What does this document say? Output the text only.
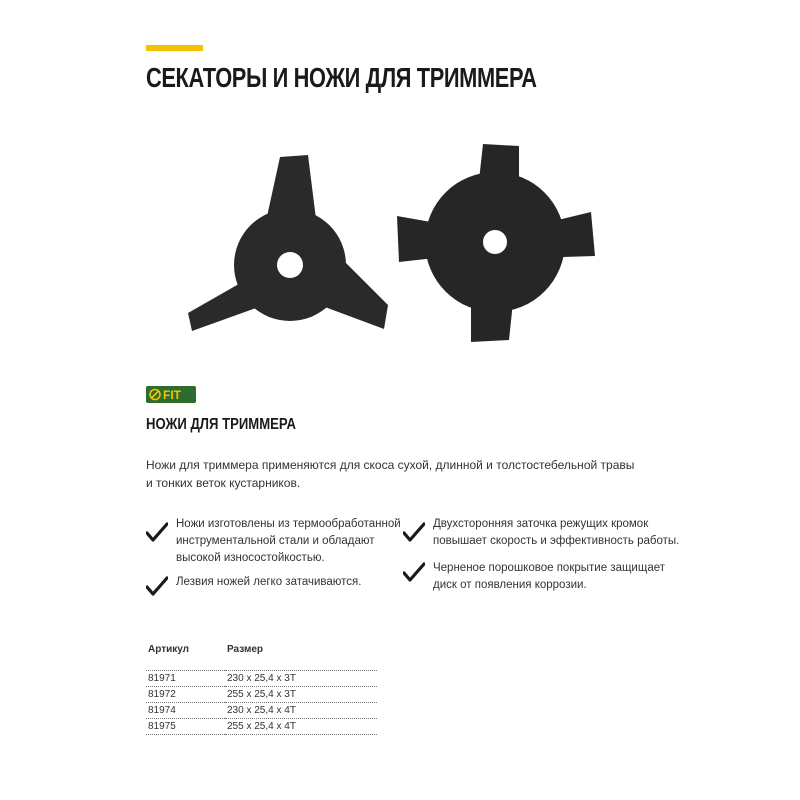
СЕКАТОРЫ И НОЖИ ДЛЯ ТРИММЕРА
FIT
НОЖИ ДЛЯ ТРИММЕРА

Ножи для триммера применяются для скоса сухой, длинной и толстостебельной травы
и тонких веток кустарников.

Ножи изготовлены из термообработанной
инструментальной стали и обладают
высокой износостойкостью.
Лезвия ножей легко затачиваются.
Двухсторонняя заточка режущих кромок
повышает скорость и эффективность работы.
Черненое порошковое покрытие защищает
диск от появления коррозии.
Артикул	Размер
81971	230 x 25,4 x 3T
81972	255 x 25,4 x 3T
81974	230 x 25,4 x 4T
81975	255 x 25,4 x 4T
